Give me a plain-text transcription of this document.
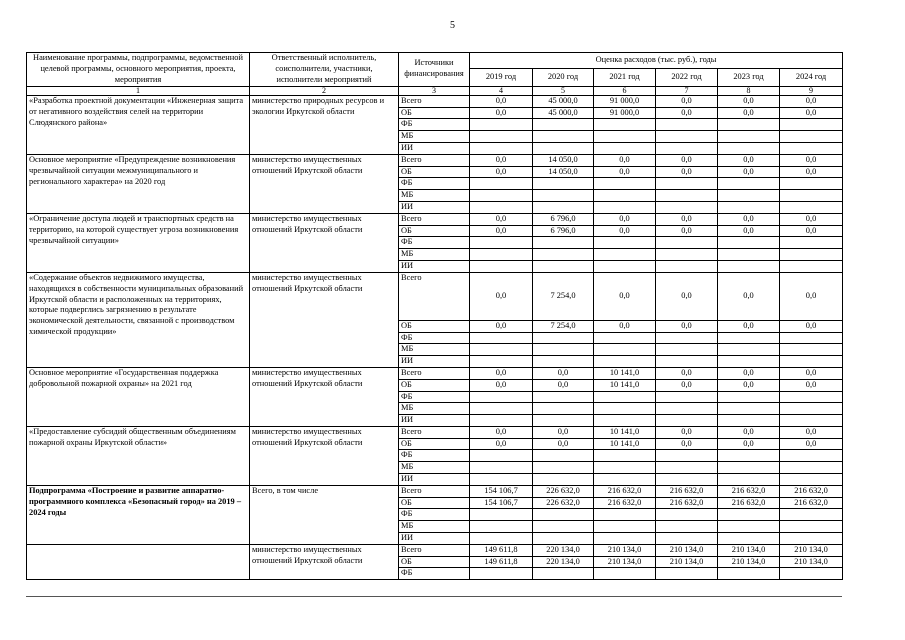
5
Наименование программы, подпрограммы, ведомственной целевой программы, основного мероприятия, проекта, мероприятия	Ответственный исполнитель, соисполнители, участники, исполнители мероприятий	Источники финансирования	Оценка расходов (тыс. руб.), годы					
			2019 год	2020 год	2021 год	2022 год	2023 год	2024 год
1	2	3	4	5	6	7	8	9
«Разработка проектной документации «Инженерная защита от негативного воздействия селей на территории Слюдянского района»	министерство природных ресурсов и экологии Иркутской области	Всего	0,0	45 000,0	91 000,0	0,0	0,0	0,0
		ОБ	0,0	45 000,0	91 000,0	0,0	0,0	0,0
		ФБ						
		МБ						
		ИИ						
Основное мероприятие «Предупреждение возникновения чрезвычайной ситуации межмуниципального и регионального характера» на 2020 год	министерство имущественных отношений Иркутской области	Всего	0,0	14 050,0	0,0	0,0	0,0	0,0
		ОБ	0,0	14 050,0	0,0	0,0	0,0	0,0
		ФБ						
		МБ						
		ИИ						
«Ограничение доступа людей и транспортных средств на территорию, на которой существует угроза возникновения чрезвычайной ситуации»	министерство имущественных отношений Иркутской области	Всего	0,0	6 796,0	0,0	0,0	0,0	0,0
		ОБ	0,0	6 796,0	0,0	0,0	0,0	0,0
		ФБ						
		МБ						
		ИИ						
«Содержание объектов недвижимого имущества, находящихся в собственности муниципальных образований Иркутской области и расположенных на территориях, которые подверглись загрязнению в результате экономической деятельности, связанной с производством химической продукции»	министерство имущественных отношений Иркутской области	Всего	0,0	7 254,0	0,0	0,0	0,0	0,0
		ОБ	0,0	7 254,0	0,0	0,0	0,0	0,0
		ФБ						
		МБ						
		ИИ						
Основное мероприятие «Государственная поддержка добровольной пожарной охраны» на 2021 год	министерство имущественных отношений Иркутской области	Всего	0,0	0,0	10 141,0	0,0	0,0	0,0
		ОБ	0,0	0,0	10 141,0	0,0	0,0	0,0
		ФБ						
		МБ						
		ИИ						
«Предоставление субсидий общественным объединениям пожарной охраны Иркутской области»	министерство имущественных отношений Иркутской области	Всего	0,0	0,0	10 141,0	0,0	0,0	0,0
		ОБ	0,0	0,0	10 141,0	0,0	0,0	0,0
		ФБ						
		МБ						
		ИИ						
Подпрограмма «Построение и развитие аппаратно-программного комплекса «Безопасный город» на 2019 – 2024 годы	Всего, в том числе	Всего	154 106,7	226 632,0	216 632,0	216 632,0	216 632,0	216 632,0
		ОБ	154 106,7	226 632,0	216 632,0	216 632,0	216 632,0	216 632,0
		ФБ						
		МБ						
		ИИ						
	министерство имущественных отношений Иркутской области	Всего	149 611,8	220 134,0	210 134,0	210 134,0	210 134,0	210 134,0
		ОБ	149 611,8	220 134,0	210 134,0	210 134,0	210 134,0	210 134,0
		ФБ						
